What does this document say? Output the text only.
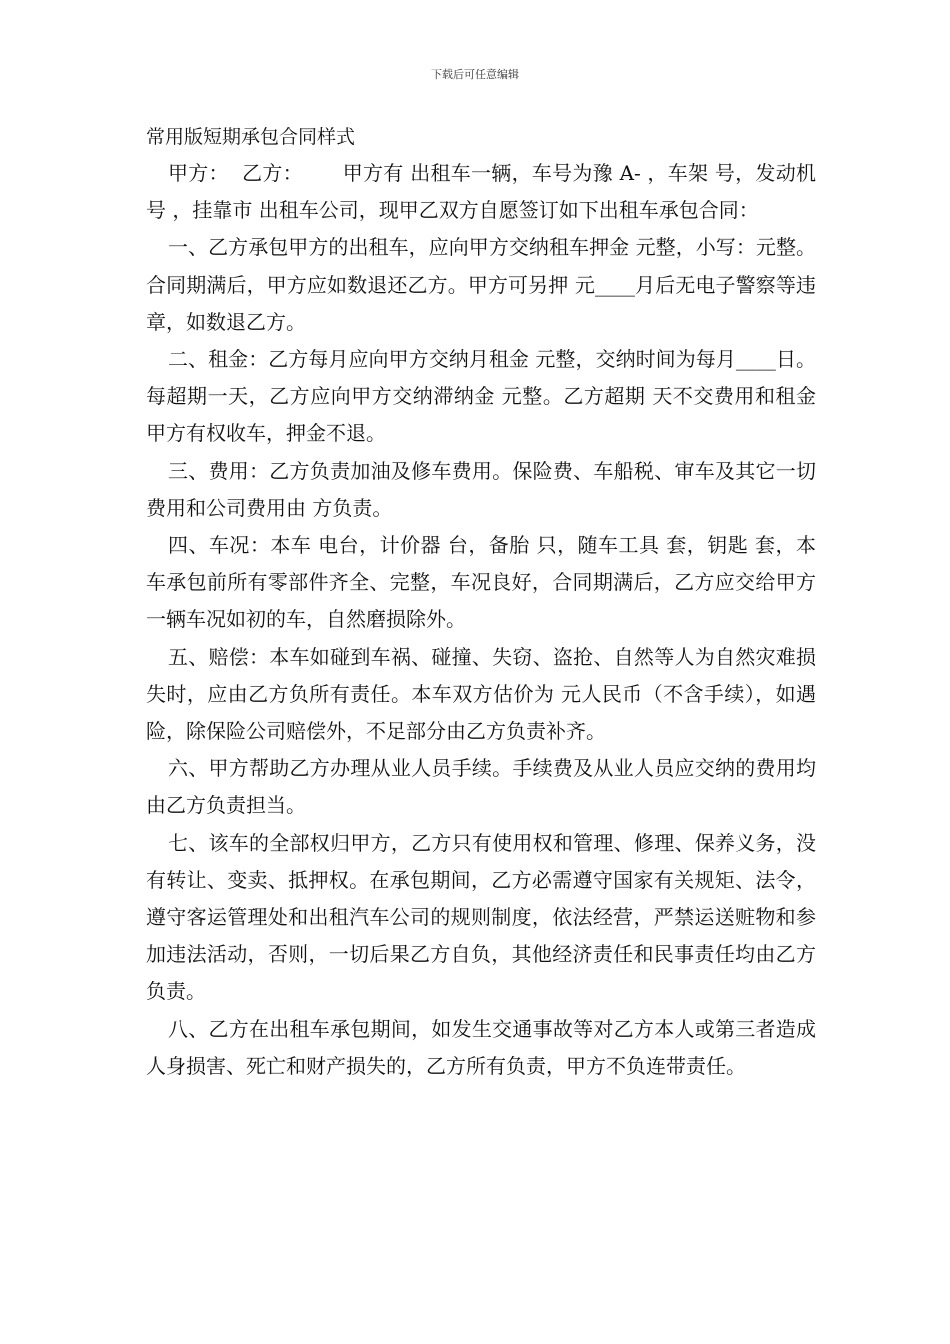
下载后可任意编辑
常用版短期承包合同样式

甲方：  乙方：      甲方有 出租车一辆，车号为豫 A- ，车架 号，发动机号 ，挂靠市 出租车公司，现甲乙双方自愿签订如下出租车承包合同：

一、乙方承包甲方的出租车，应向甲方交纳租车押金 元整，小写：元整。合同期满后，甲方应如数退还乙方。甲方可另押 元____月后无电子警察等违章，如数退乙方。

二、租金：乙方每月应向甲方交纳月租金 元整，交纳时间为每月____日。每超期一天，乙方应向甲方交纳滞纳金 元整。乙方超期 天不交费用和租金甲方有权收车，押金不退。

三、费用：乙方负责加油及修车费用。保险费、车船税、审车及其它一切费用和公司费用由 方负责。

四、车况：本车 电台，计价器 台，备胎 只，随车工具 套，钥匙 套，本车承包前所有零部件齐全、完整，车况良好，合同期满后，乙方应交给甲方一辆车况如初的车，自然磨损除外。

五、赔偿：本车如碰到车祸、碰撞、失窃、盗抢、自然等人为自然灾难损失时，应由乙方负所有责任。本车双方估价为 元人民币（不含手续），如遇险，除保险公司赔偿外，不足部分由乙方负责补齐。

六、甲方帮助乙方办理从业人员手续。手续费及从业人员应交纳的费用均由乙方负责担当。

七、该车的全部权归甲方，乙方只有使用权和管理、修理、保养义务，没有转让、变卖、抵押权。在承包期间，乙方必需遵守国家有关规矩、法令，遵守客运管理处和出租汽车公司的规则制度，依法经营，严禁运送赃物和参加违法活动，否则，一切后果乙方自负，其他经济责任和民事责任均由乙方负责。

八、乙方在出租车承包期间，如发生交通事故等对乙方本人或第三者造成人身损害、死亡和财产损失的，乙方所有负责，甲方不负连带责任。
